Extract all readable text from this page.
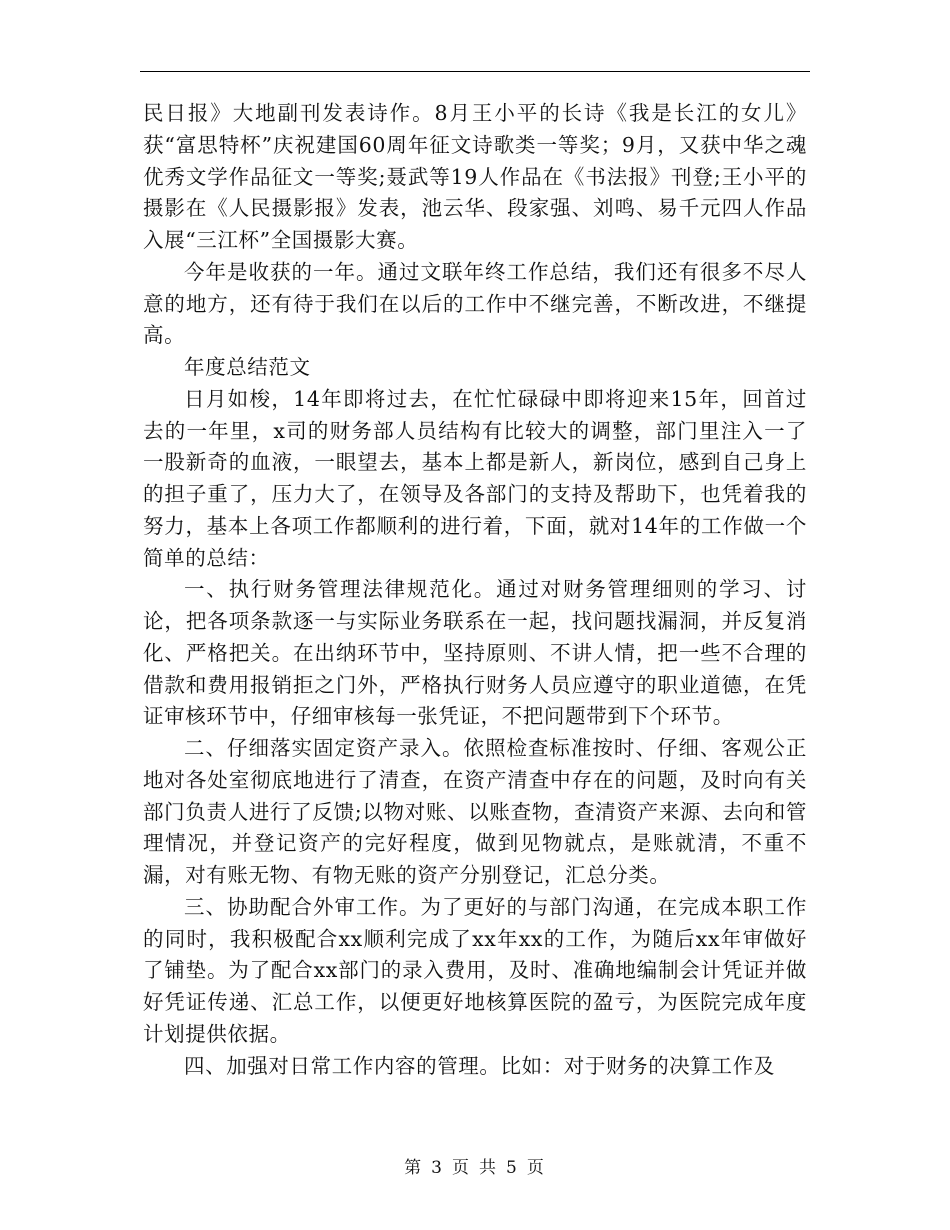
民日报》大地副刊发表诗作。8月王小平的长诗《我是长江的女儿》获“富思特杯”庆祝建国60周年征文诗歌类一等奖；9月，又获中华之魂优秀文学作品征文一等奖;聂武等19人作品在《书法报》刊登;王小平的摄影在《人民摄影报》发表，池云华、段家强、刘鸣、易千元四人作品入展“三江杯”全国摄影大赛。

今年是收获的一年。通过文联年终工作总结，我们还有很多不尽人意的地方，还有待于我们在以后的工作中不继完善，不断改进，不继提高。

年度总结范文

日月如梭，14年即将过去，在忙忙碌碌中即将迎来15年，回首过去的一年里，x司的财务部人员结构有比较大的调整，部门里注入一了一股新奇的血液，一眼望去，基本上都是新人，新岗位，感到自己身上的担子重了，压力大了，在领导及各部门的支持及帮助下，也凭着我的努力，基本上各项工作都顺利的进行着，下面，就对14年的工作做一个简单的总结：

一、执行财务管理法律规范化。通过对财务管理细则的学习、讨论，把各项条款逐一与实际业务联系在一起，找问题找漏洞，并反复消化、严格把关。在出纳环节中，坚持原则、不讲人情，把一些不合理的借款和费用报销拒之门外，严格执行财务人员应遵守的职业道德，在凭证审核环节中，仔细审核每一张凭证，不把问题带到下个环节。

二、仔细落实固定资产录入。依照检查标准按时、仔细、客观公正地对各处室彻底地进行了清查，在资产清查中存在的问题，及时向有关部门负责人进行了反馈;以物对账、以账查物，查清资产来源、去向和管理情况，并登记资产的完好程度，做到见物就点，是账就清，不重不漏，对有账无物、有物无账的资产分别登记，汇总分类。

三、协助配合外审工作。为了更好的与部门沟通，在完成本职工作的同时，我积极配合xx顺利完成了xx年xx的工作，为随后xx年审做好了铺垫。为了配合xx部门的录入费用，及时、准确地编制会计凭证并做好凭证传递、汇总工作，以便更好地核算医院的盈亏，为医院完成年度计划提供依据。

四、加强对日常工作内容的管理。比如：对于财务的决算工作及

第 3 页 共 5 页
